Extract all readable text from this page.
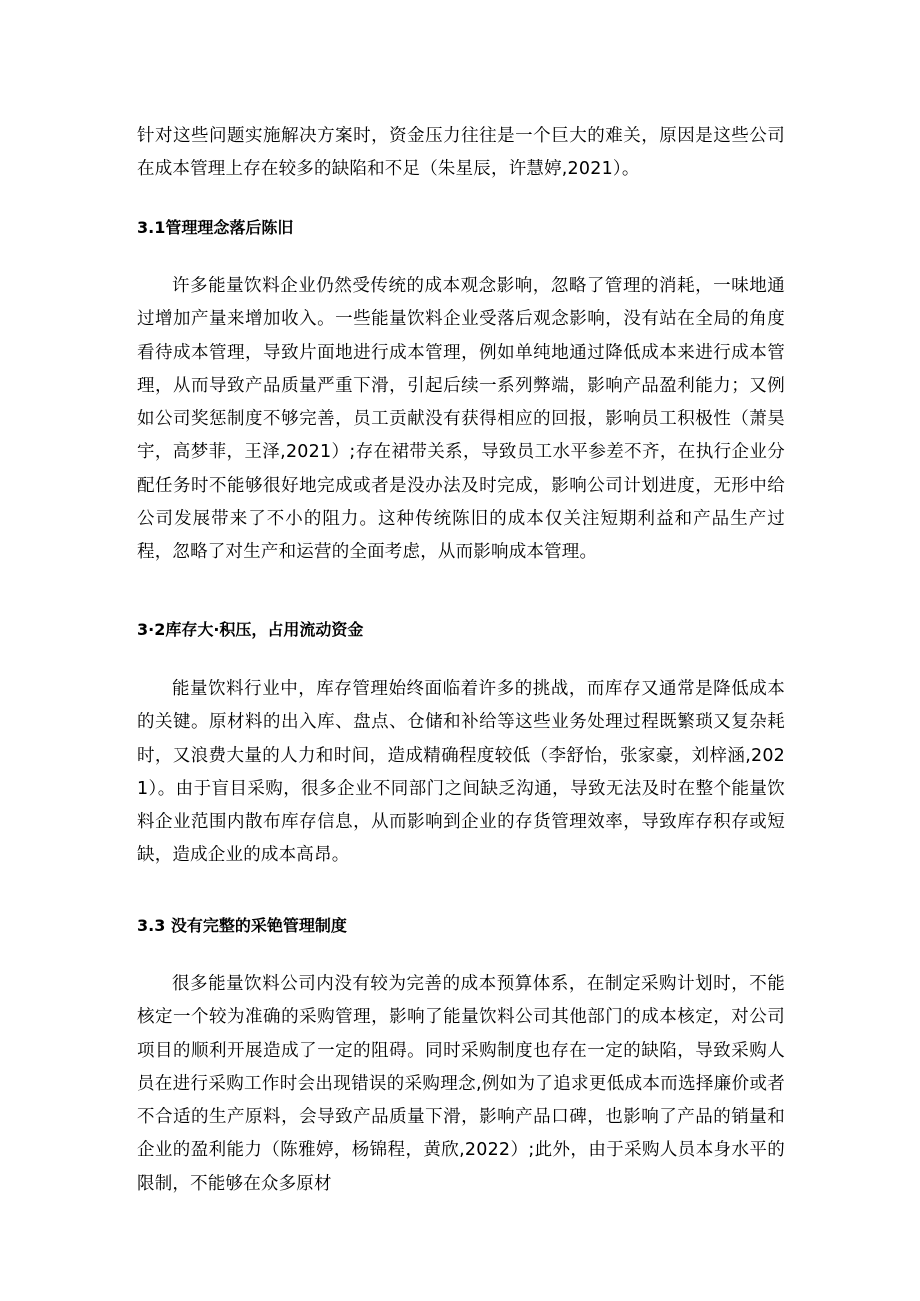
针对这些问题实施解决方案时，资金压力往往是一个巨大的难关，原因是这些公司在成本管理上存在较多的缺陷和不足（朱星辰，许慧婷,2021）。

3.1管理理念落后陈旧

许多能量饮料企业仍然受传统的成本观念影响，忽略了管理的消耗，一味地通过增加产量来增加收入。一些能量饮料企业受落后观念影响，没有站在全局的角度看待成本管理，导致片面地进行成本管理，例如单纯地通过降低成本来进行成本管理，从而导致产品质量严重下滑，引起后续一系列弊端，影响产品盈利能力；又例如公司奖惩制度不够完善，员工贡献没有获得相应的回报，影响员工积极性（萧昊宇，高梦菲，王泽,2021）;存在裙带关系，导致员工水平参差不齐，在执行企业分配任务时不能够很好地完成或者是没办法及时完成，影响公司计划进度，无形中给公司发展带来了不小的阻力。这种传统陈旧的成本仅关注短期利益和产品生产过程，忽略了对生产和运营的全面考虑，从而影响成本管理。

3·2库存大·积压，占用流动资金

能量饮料行业中，库存管理始终面临着许多的挑战，而库存又通常是降低成本的关键。原材料的出入库、盘点、仓储和补给等这些业务处理过程既繁琐又复杂耗时，又浪费大量的人力和时间，造成精确程度较低（李舒怡，张家豪，刘梓涵,2021）。由于盲目采购，很多企业不同部门之间缺乏沟通，导致无法及时在整个能量饮料企业范围内散布库存信息，从而影响到企业的存货管理效率，导致库存积存或短缺，造成企业的成本高昂。

3.3 没有完整的采铯管理制度

很多能量饮料公司内没有较为完善的成本预算体系，在制定采购计划时，不能核定一个较为准确的采购管理，影响了能量饮料公司其他部门的成本核定，对公司项目的顺利开展造成了一定的阻碍。同时采购制度也存在一定的缺陷，导致采购人员在进行采购工作时会出现错误的采购理念,例如为了追求更低成本而选择廉价或者不合适的生产原料，会导致产品质量下滑，影响产品口碑，也影响了产品的销量和企业的盈利能力（陈雅婷，杨锦程，黄欣,2022）;此外，由于采购人员本身水平的限制，不能够在众多原材
